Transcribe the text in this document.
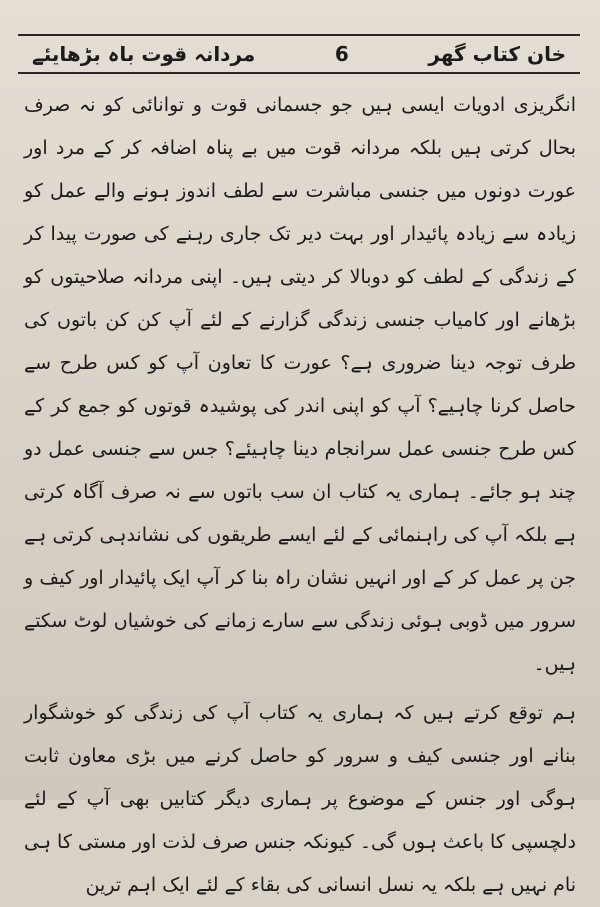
خان کتاب گھر
6
مردانہ قوت باہ بڑھایئے

انگریزی ادویات ایسی ہیں جو جسمانی قوت و توانائی کو نہ صرف بحال کرتی ہیں بلکہ مردانہ قوت میں بے پناہ اضافہ کر کے مرد اور عورت دونوں میں جنسی مباشرت سے لطف اندوز ہونے والے عمل کو زیادہ سے زیادہ پائیدار اور بہت دیر تک جاری رہنے کی صورت پیدا کر کے زندگی کے لطف کو دوبالا کر دیتی ہیں۔ اپنی مردانہ صلاحیتوں کو بڑھانے اور کامیاب جنسی زندگی گزارنے کے لئے آپ کن کن باتوں کی طرف توجہ دینا ضروری ہے؟ عورت کا تعاون آپ کو کس طرح سے حاصل کرنا چاہیے؟ آپ کو اپنی اندر کی پوشیدہ قوتوں کو جمع کر کے کس طرح جنسی عمل سرانجام دینا چاہیئے؟ جس سے جنسی عمل دو چند ہو جائے۔ ہماری یہ کتاب ان سب باتوں سے نہ صرف آگاہ کرتی ہے بلکہ آپ کی راہنمائی کے لئے ایسے طریقوں کی نشاندہی کرتی ہے جن پر عمل کر کے اور انہیں نشان راہ بنا کر آپ ایک پائیدار اور کیف و سرور میں ڈوبی ہوئی زندگی سے سارے زمانے کی خوشیاں لوٹ سکتے ہیں۔

ہم توقع کرتے ہیں کہ ہماری یہ کتاب آپ کی زندگی کو خوشگوار بنانے اور جنسی کیف و سرور کو حاصل کرنے میں بڑی معاون ثابت ہوگی اور جنس کے موضوع پر ہماری دیگر کتابیں بھی آپ کے لئے دلچسپی کا باعث ہوں گی۔ کیونکہ جنس صرف لذت اور مستی کا ہی نام نہیں ہے بلکہ یہ نسل انسانی کی بقاء کے لئے ایک اہم ترین
